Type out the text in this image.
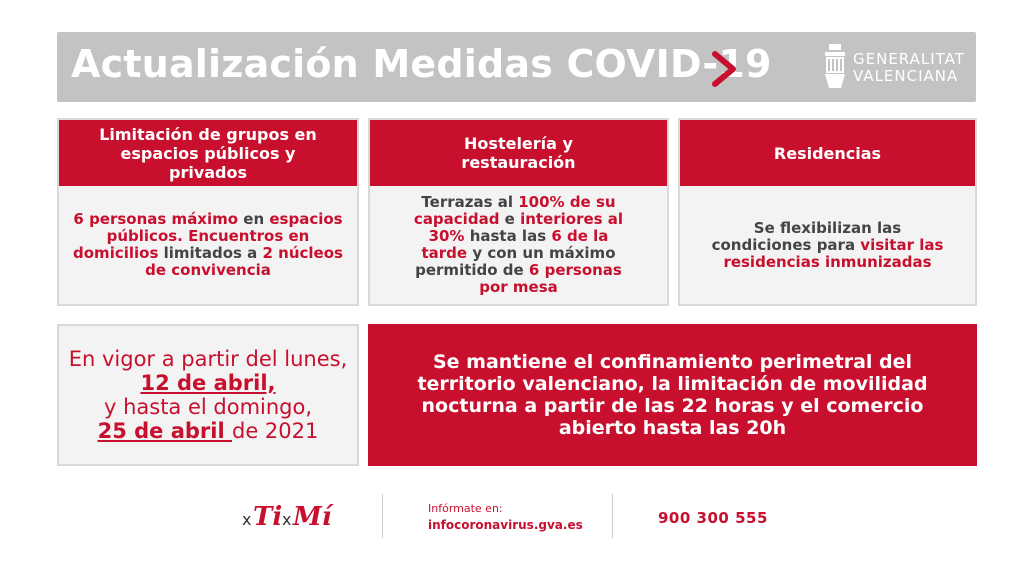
Actualización Medidas COVID-19	GENERALITAT
VALENCIANA
Limitación de grupos en espacios públicos y privados
6 personas máximo en espacios públicos. Encuentros en domicilios limitados a 2 núcleos de convivencia
Hostelería y restauración
Terrazas al 100% de su capacidad e interiores al 30% hasta las 6 de la tarde y con un máximo permitido de 6 personas por mesa
Residencias
Se flexibilizan las condiciones para visitar las residencias inmunizadas
En vigor a partir del lunes, 12 de abril,
y hasta el domingo,
25 de abril de 2021
Se mantiene el confinamiento perimetral del territorio valenciano, la limitación de movilidad nocturna a partir de las 22 horas y el comercio abierto hasta las 20h
x Ti x Mí	Infórmate en:
infocoronavirus.gva.es	900 300 555
